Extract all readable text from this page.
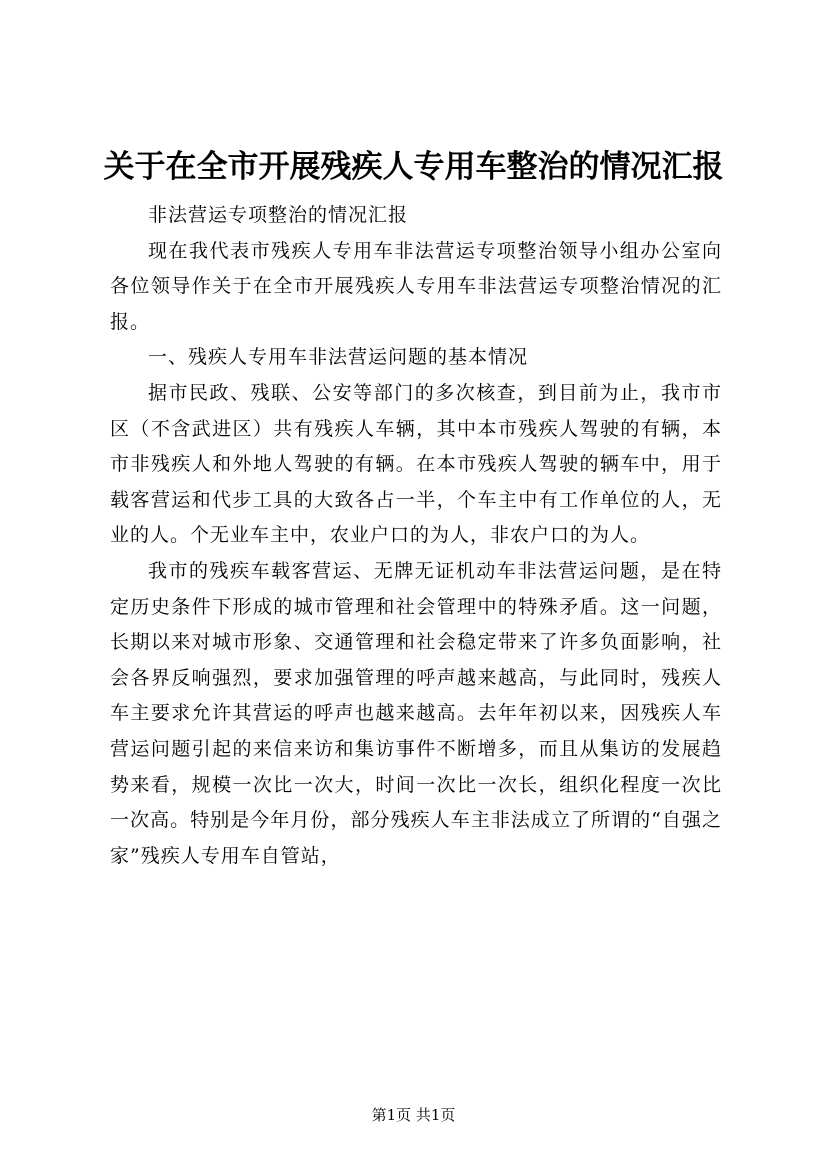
关于在全市开展残疾人专用车整治的情况汇报

非法营运专项整治的情况汇报

现在我代表市残疾人专用车非法营运专项整治领导小组办公室向各位领导作关于在全市开展残疾人专用车非法营运专项整治情况的汇报。

一、残疾人专用车非法营运问题的基本情况

据市民政、残联、公安等部门的多次核查，到目前为止，我市市区（不含武进区）共有残疾人车辆，其中本市残疾人驾驶的有辆，本市非残疾人和外地人驾驶的有辆。在本市残疾人驾驶的辆车中，用于载客营运和代步工具的大致各占一半，个车主中有工作单位的人，无业的人。个无业车主中，农业户口的为人，非农户口的为人。

我市的残疾车载客营运、无牌无证机动车非法营运问题，是在特定历史条件下形成的城市管理和社会管理中的特殊矛盾。这一问题，长期以来对城市形象、交通管理和社会稳定带来了许多负面影响，社会各界反响强烈，要求加强管理的呼声越来越高，与此同时，残疾人车主要求允许其营运的呼声也越来越高。去年年初以来，因残疾人车营运问题引起的来信来访和集访事件不断增多，而且从集访的发展趋势来看，规模一次比一次大，时间一次比一次长，组织化程度一次比一次高。特别是今年月份，部分残疾人车主非法成立了所谓的“自强之家”残疾人专用车自管站，

第1页 共1页
